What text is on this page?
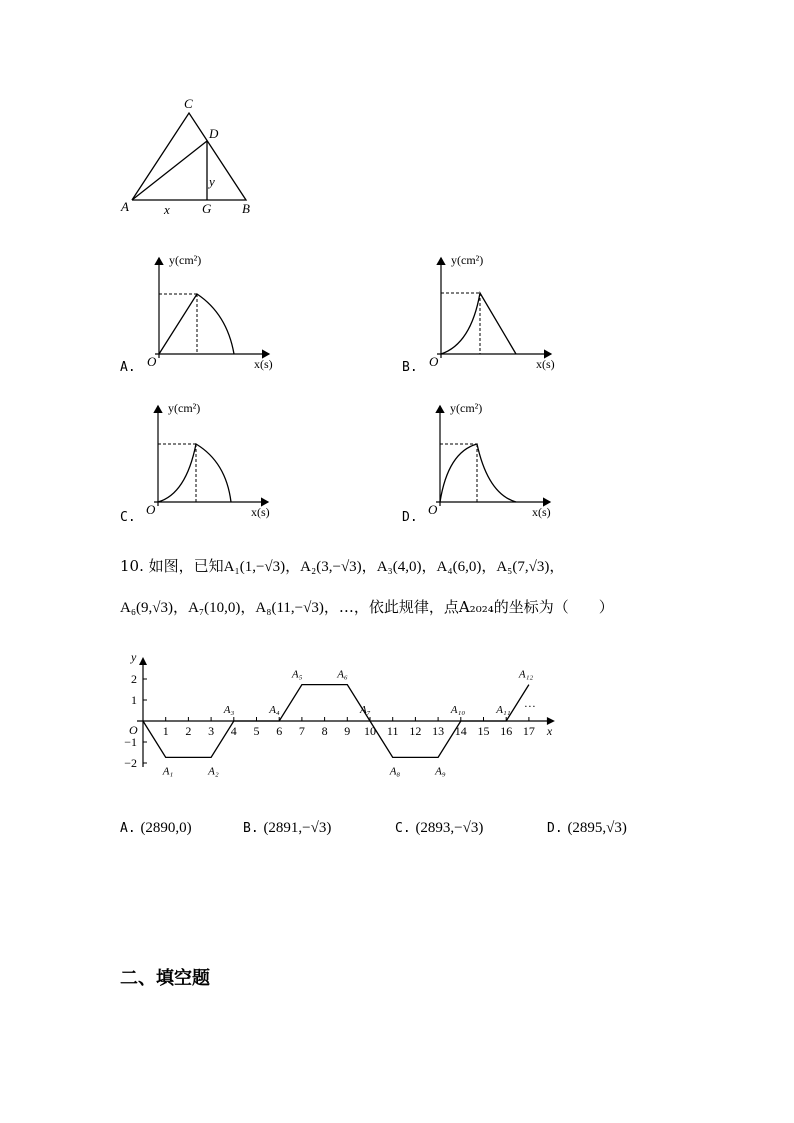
C
D
y
A	x G B
y(cm²)
x(s)
O
A.
y(cm²)
x(s)
O
B.
y(cm²)
x(s)
O
C.
y(cm²)
x(s)
O
D.
10. 如图，已知A₁(1,−√3)，A₂(3,−√3)，A₃(4,0)，A₄(6,0)，A₅(7,√3)，
A₆(9,√3)，A₇(10,0)，A₈(11,−√3)，…，依此规律，点A₂₀₂₄的坐标为（　　）
x
y
O 1 2 3 4 5 6 7 8 9 10 11 12 13 14 15 16 17
2
1
−1
−2
A₁	A₂
A₃	A₄
A₅	A₆
A₇
A₈	A₉
A₁₀	A₁₁
A₁₂
…
A. (2890,0)	B. (2891,−√3)	C. (2893,−√3)	D. (2895,√3)
二、填空题
